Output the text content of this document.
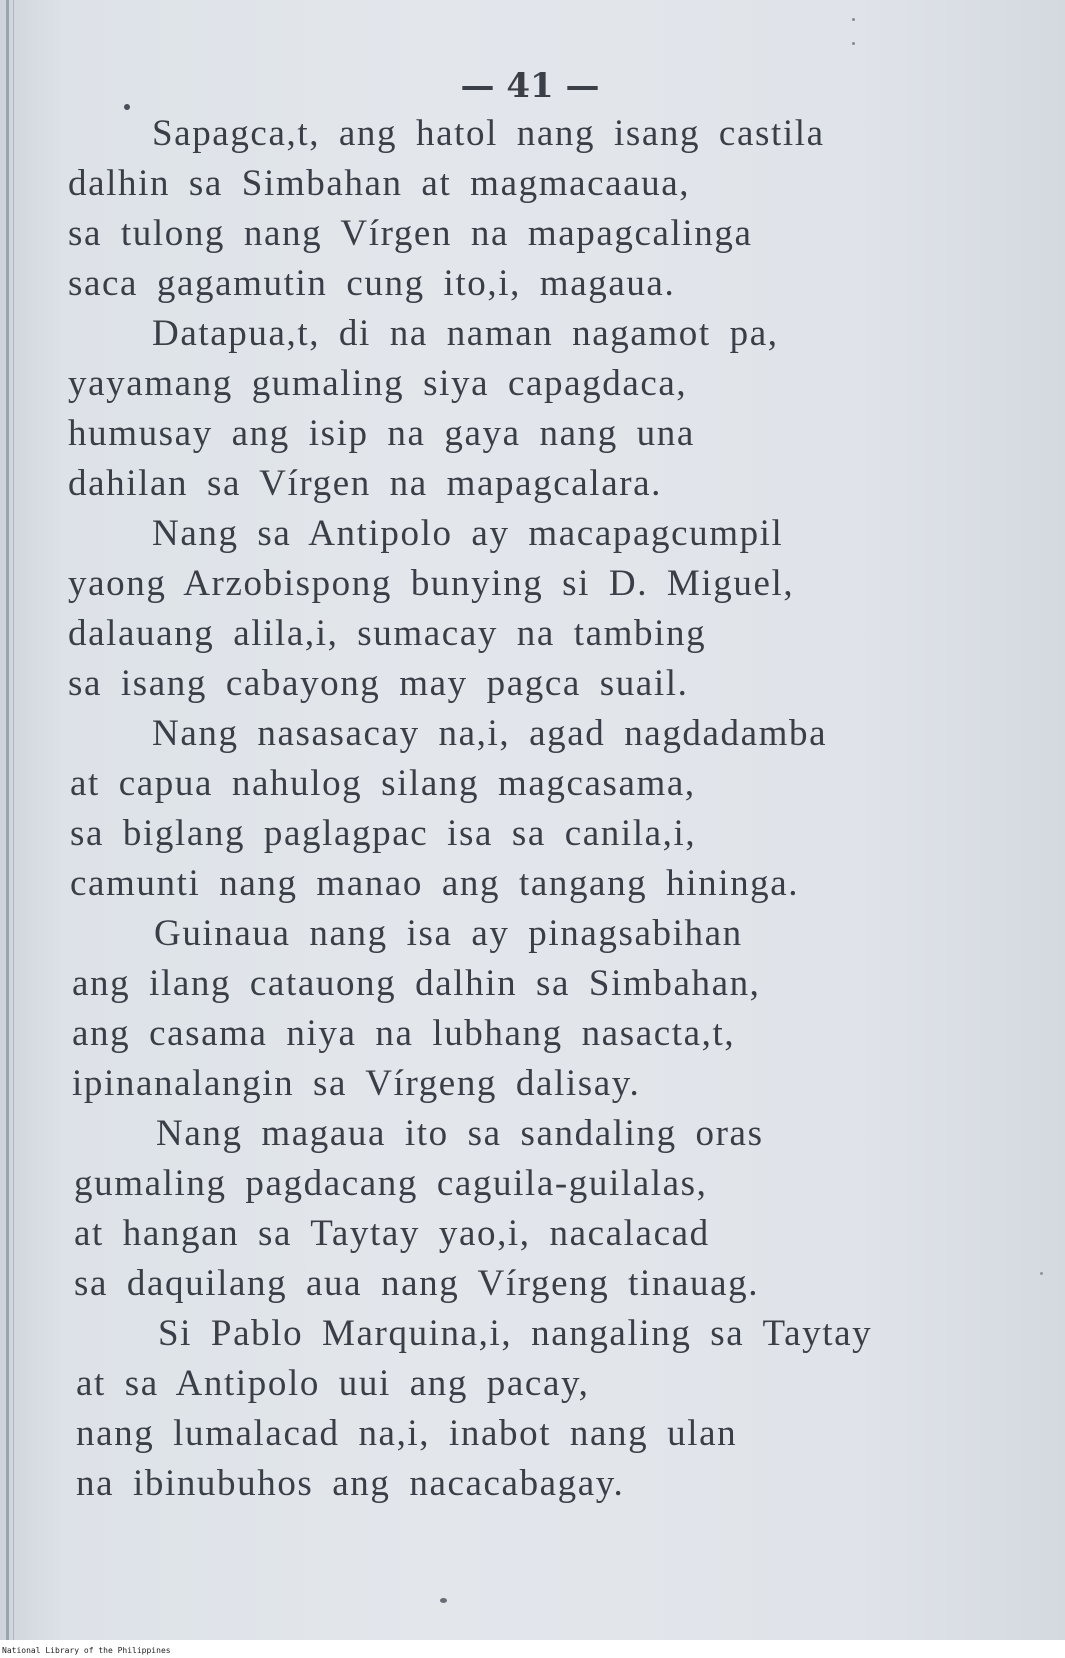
— 41 —
Sapagca,t, ang hatol nang isang castila
dalhin sa Simbahan at magmacaaua,
sa tulong nang Vírgen na mapagcalinga
saca gagamutin cung ito,i, magaua.
Datapua,t, di na naman nagamot pa,
yayamang gumaling siya capagdaca,
humusay ang isip na gaya nang una
dahilan sa Vírgen na mapagcalara.
Nang sa Antipolo ay macapagcumpil
yaong Arzobispong bunying si D. Miguel,
dalauang alila,i, sumacay na tambing
sa isang cabayong may pagca suail.
Nang nasasacay na,i, agad nagdadamba
at capua nahulog silang magcasama,
sa biglang paglagpac isa sa canila,i,
camunti nang manao ang tangang hininga.
Guinaua nang isa ay pinagsabihan
ang ilang catauong dalhin sa Simbahan,
ang casama niya na lubhang nasacta,t,
ipinanalangin sa Vírgeng dalisay.
Nang magaua ito sa sandaling oras
gumaling pagdacang caguila-guilalas,
at hangan sa Taytay yao,i, nacalacad
sa daquilang aua nang Vírgeng tinauag.
Si Pablo Marquina,i, nangaling sa Taytay
at sa Antipolo uui ang pacay,
nang lumalacad na,i, inabot nang ulan
na ibinubuhos ang nacacabagay.
National Library of the Philippines
